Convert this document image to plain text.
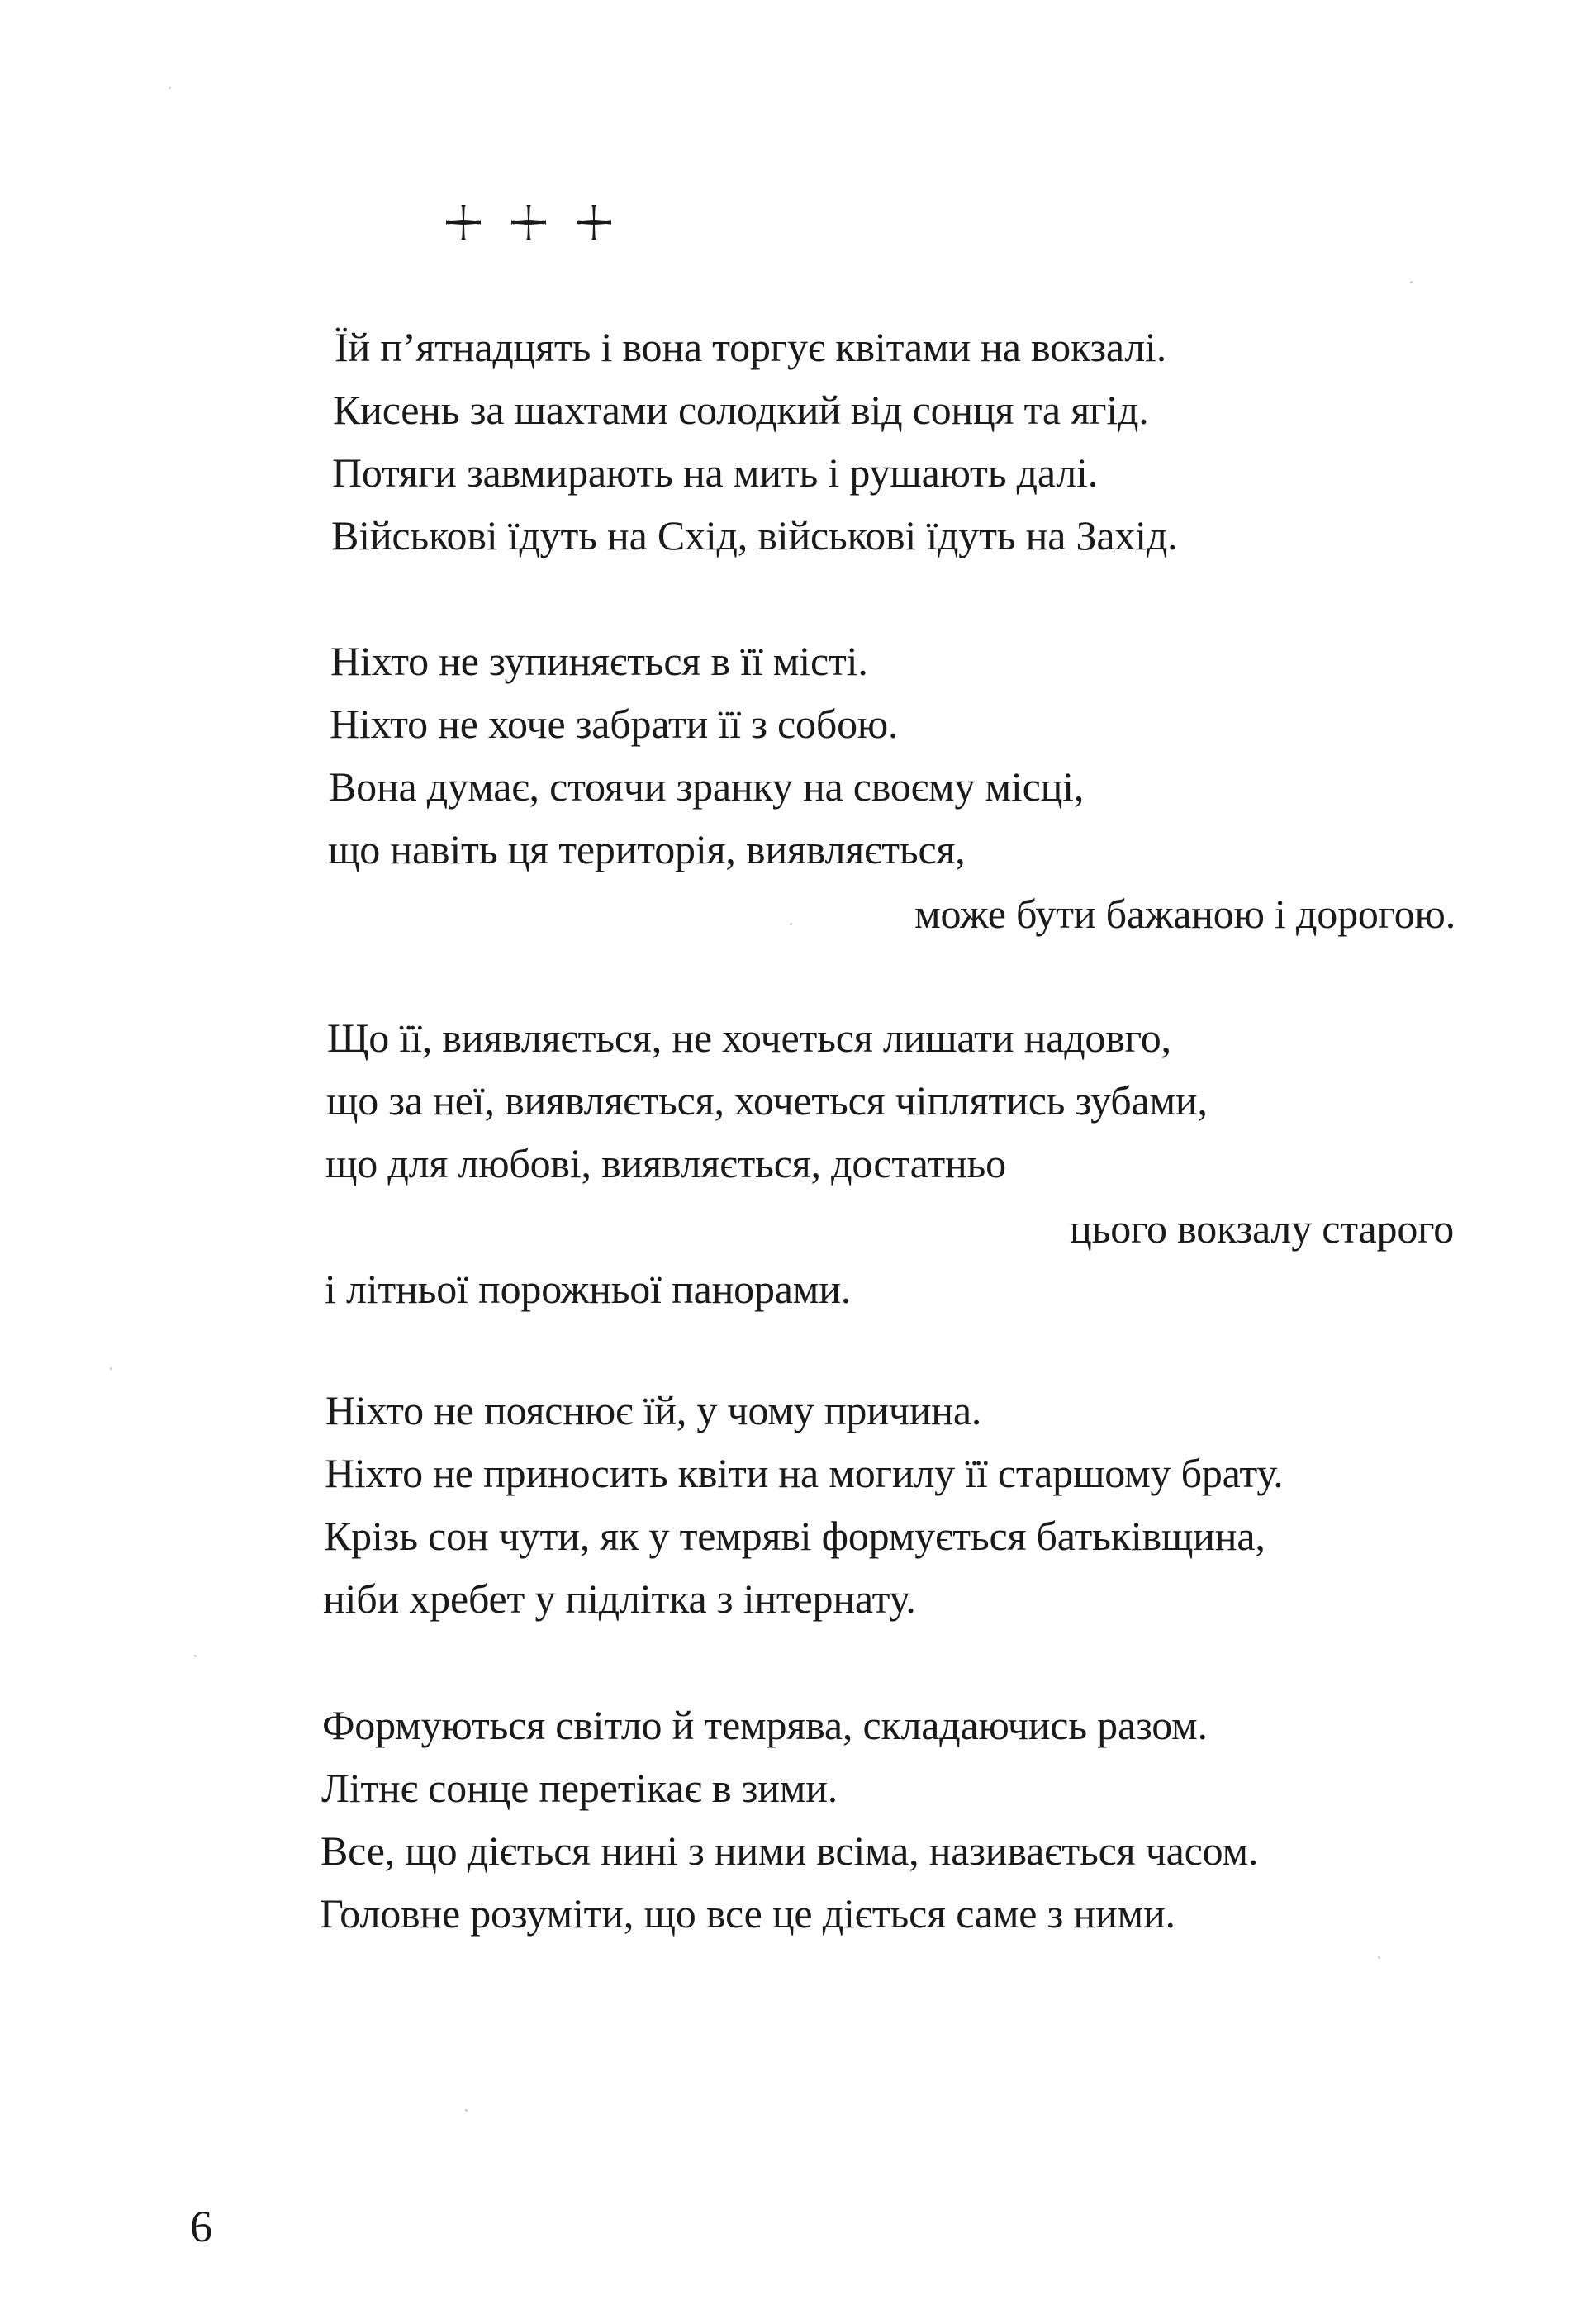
Їй п’ятнадцять і вона торгує квітами на вокзалі.
Кисень за шахтами солодкий від сонця та ягід.
Потяги завмирають на мить і рушають далі.
Військові їдуть на Схід, військові їдуть на Захід.
Ніхто не зупиняється в її місті.
Ніхто не хоче забрати її з собою.
Вона думає, стоячи зранку на своєму місці,
що навіть ця територія, виявляється,
може бути бажаною і дорогою.
Що її, виявляється, не хочеться лишати надовго,
що за неї, виявляється, хочеться чіплятись зубами,
що для любові, виявляється, достатньо
цього вокзалу старого
і літньої порожньої панорами.
Ніхто не пояснює їй, у чому причина.
Ніхто не приносить квіти на могилу її старшому брату.
Крізь сон чути, як у темряві формується батьківщина,
ніби хребет у підлітка з інтернату.
Формуються світло й темрява, складаючись разом.
Літнє сонце перетікає в зими.
Все, що діється нині з ними всіма, називається часом.
Головне розуміти, що все це діється саме з ними.
6
